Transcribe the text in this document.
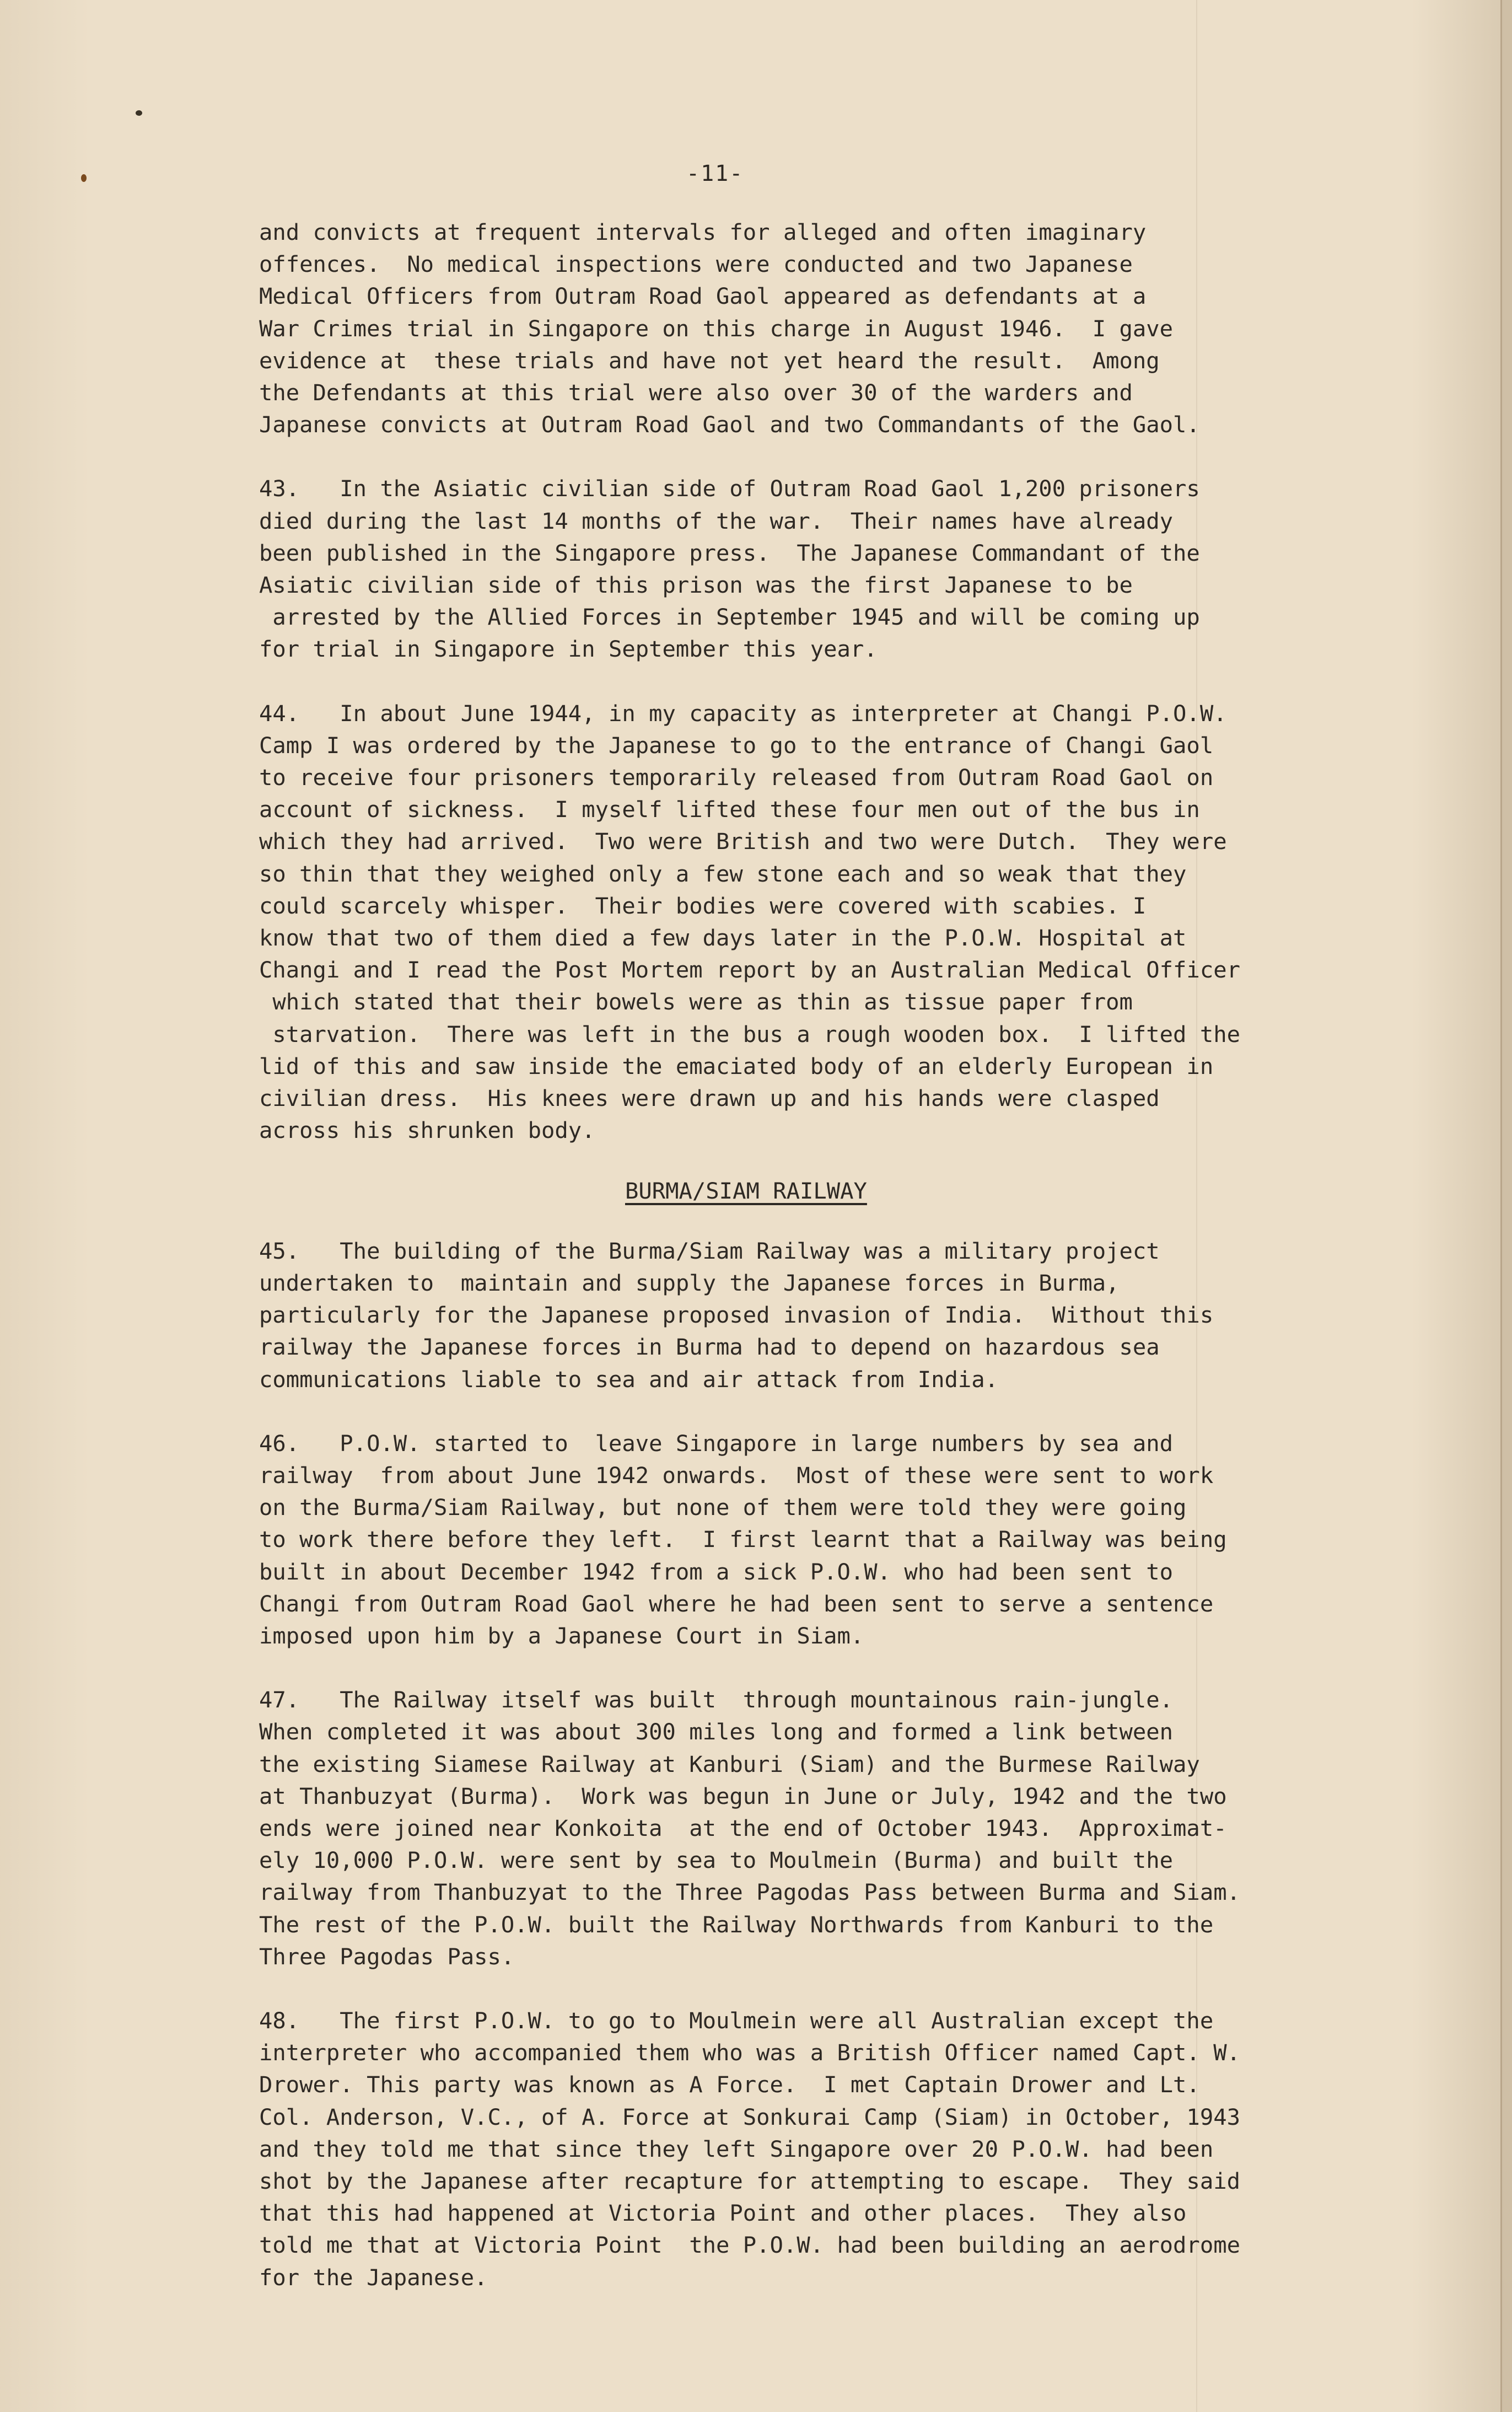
-11-

and convicts at frequent intervals for alleged and often imaginary

offences.  No medical inspections were conducted and two Japanese

Medical Officers from Outram Road Gaol appeared as defendants at a

War Crimes trial in Singapore on this charge in August 1946.  I gave

evidence at  these trials and have not yet heard the result.  Among

the Defendants at this trial were also over 30 of the warders and

Japanese convicts at Outram Road Gaol and two Commandants of the Gaol.

43.   In the Asiatic civilian side of Outram Road Gaol 1,200 prisoners

died during the last 14 months of the war.  Their names have already

been published in the Singapore press.  The Japanese Commandant of the

Asiatic civilian side of this prison was the first Japanese to be

arrested by the Allied Forces in September 1945 and will be coming up

for trial in Singapore in September this year.

44.   In about June 1944, in my capacity as interpreter at Changi P.O.W.

Camp I was ordered by the Japanese to go to the entrance of Changi Gaol

to receive four prisoners temporarily released from Outram Road Gaol on

account of sickness.  I myself lifted these four men out of the bus in

which they had arrived.  Two were British and two were Dutch.  They were

so thin that they weighed only a few stone each and so weak that they

could scarcely whisper.  Their bodies were covered with scabies. I

know that two of them died a few days later in the P.O.W. Hospital at

Changi and I read the Post Mortem report by an Australian Medical Officer

which stated that their bowels were as thin as tissue paper from

starvation.  There was left in the bus a rough wooden box.  I lifted the

lid of this and saw inside the emaciated body of an elderly European in

civilian dress.  His knees were drawn up and his hands were clasped

across his shrunken body.

BURMA/SIAM RAILWAY

45.   The building of the Burma/Siam Railway was a military project

undertaken to  maintain and supply the Japanese forces in Burma,

particularly for the Japanese proposed invasion of India.  Without this

railway the Japanese forces in Burma had to depend on hazardous sea

communications liable to sea and air attack from India.

46.   P.O.W. started to  leave Singapore in large numbers by sea and

railway  from about June 1942 onwards.  Most of these were sent to work

on the Burma/Siam Railway, but none of them were told they were going

to work there before they left.  I first learnt that a Railway was being

built in about December 1942 from a sick P.O.W. who had been sent to

Changi from Outram Road Gaol where he had been sent to serve a sentence

imposed upon him by a Japanese Court in Siam.

47.   The Railway itself was built  through mountainous rain-jungle.

When completed it was about 300 miles long and formed a link between

the existing Siamese Railway at Kanburi (Siam) and the Burmese Railway

at Thanbuzyat (Burma).  Work was begun in June or July, 1942 and the two

ends were joined near Konkoita  at the end of October 1943.  Approximat-

ely 10,000 P.O.W. were sent by sea to Moulmein (Burma) and built the

railway from Thanbuzyat to the Three Pagodas Pass between Burma and Siam.

The rest of the P.O.W. built the Railway Northwards from Kanburi to the

Three Pagodas Pass.

48.   The first P.O.W. to go to Moulmein were all Australian except the

interpreter who accompanied them who was a British Officer named Capt. W.

Drower. This party was known as A Force.  I met Captain Drower and Lt.

Col. Anderson, V.C., of A. Force at Sonkurai Camp (Siam) in October, 1943

and they told me that since they left Singapore over 20 P.O.W. had been

shot by the Japanese after recapture for attempting to escape.  They said

that this had happened at Victoria Point and other places.  They also

told me that at Victoria Point  the P.O.W. had been building an aerodrome

for the Japanese.
